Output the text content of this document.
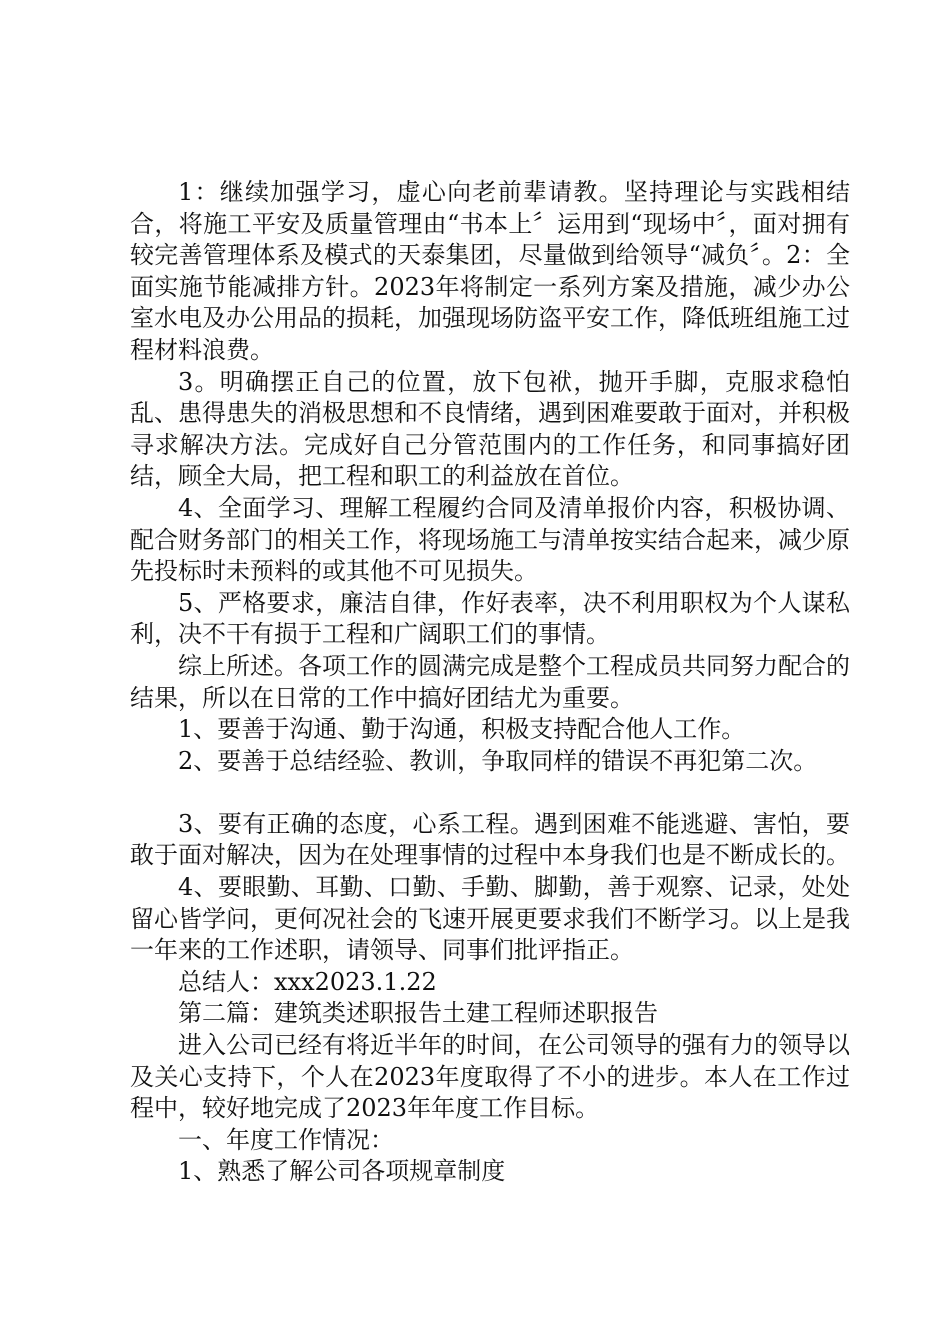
1：继续加强学习，虚心向老前辈请教。坚持理论与实践相结合，将施工平安及质量管理由“书本上〞运用到“现场中〞，面对拥有较完善管理体系及模式的天泰集团，尽量做到给领导“减负〞。2：全面实施节能减排方针。2023年将制定一系列方案及措施，减少办公室水电及办公用品的损耗，加强现场防盗平安工作，降低班组施工过程材料浪费。

3。明确摆正自己的位置，放下包袱，抛开手脚，克服求稳怕乱、患得患失的消极思想和不良情绪，遇到困难要敢于面对，并积极寻求解决方法。完成好自己分管范围内的工作任务，和同事搞好团结，顾全大局，把工程和职工的利益放在首位。

4、全面学习、理解工程履约合同及清单报价内容，积极协调、配合财务部门的相关工作，将现场施工与清单按实结合起来，减少原先投标时未预料的或其他不可见损失。

5、严格要求，廉洁自律，作好表率，决不利用职权为个人谋私利，决不干有损于工程和广阔职工们的事情。

综上所述。各项工作的圆满完成是整个工程成员共同努力配合的结果，所以在日常的工作中搞好团结尤为重要。

1、要善于沟通、勤于沟通，积极支持配合他人工作。

2、要善于总结经验、教训，争取同样的错误不再犯第二次。

3、要有正确的态度，心系工程。遇到困难不能逃避、害怕，要敢于面对解决，因为在处理事情的过程中本身我们也是不断成长的。

4、要眼勤、耳勤、口勤、手勤、脚勤，善于观察、记录，处处留心皆学问，更何况社会的飞速开展更要求我们不断学习。以上是我一年来的工作述职，请领导、同事们批评指正。

总结人：xxx2023.1.22

第二篇：建筑类述职报告土建工程师述职报告

进入公司已经有将近半年的时间，在公司领导的强有力的领导以及关心支持下，个人在2023年度取得了不小的进步。本人在工作过程中，较好地完成了2023年年度工作目标。

一、年度工作情况：

1、熟悉了解公司各项规章制度
